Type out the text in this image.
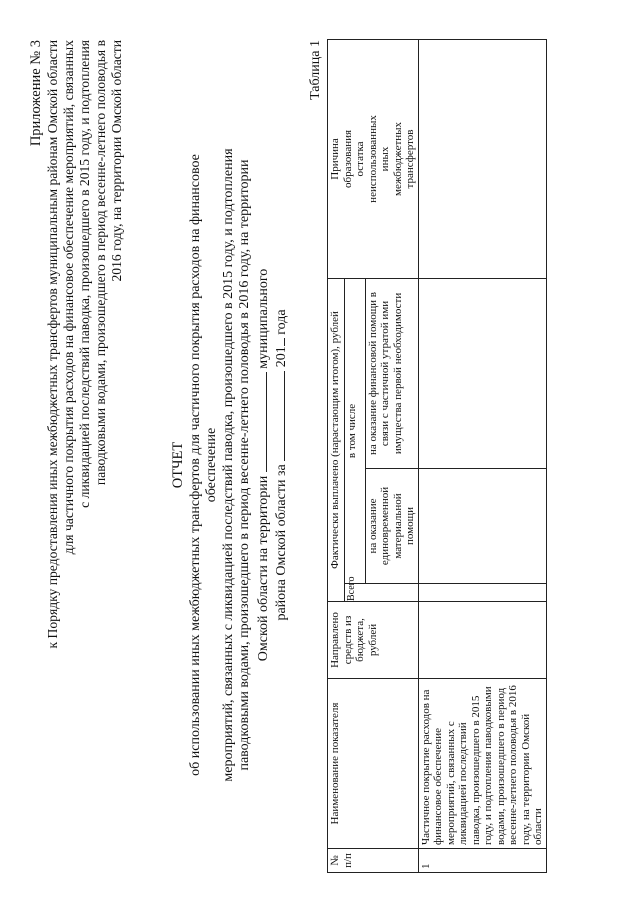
Приложение № 3 к Порядку предоставления иных межбюджетных трансфертов муниципальным районам Омской области для частичного покрытия расходов на финансовое обеспечение мероприятий, связанных с ликвидацией последствий паводка, произошедшего в 2015 году, и подтопления паводковыми водами, произошедшего в период весенне-летнего половодья в 2016 году, на территории Омской области
ОТЧЕТ об использовании иных межбюджетных трансфертов для частичного покрытия расходов на финансовое обеспечение мероприятий, связанных с ликвидацией последствий паводка, произошедшего в 2015 году, и подтопления паводковыми водами, произошедшего в период весенне-летнего половодья в 2016 году, на территории Омской области на территории  муниципального
района Омской области за  201 года
Таблица 1
№ п/п	Наименование показателя	Направлено средств из бюджета, рублей	Фактически выплачено (нарастающим итогом), рублей			Причина образования остатка неиспользованных иных межбюджетных трансфертов
			Всего	в том числе		
				на оказание единовременной материальной помощи	на оказание финансовой помощи в связи с частичной утратой ими имущества первой необходимости	
1	Частичное покрытие расходов на финансовое обеспечение мероприятий, связанных с ликвидацией последствий паводка, произошедшего в 2015 году, и подтопления паводковыми водами, произошедшего в период весенне-летнего половодья в 2016 году, на территории Омской области					
